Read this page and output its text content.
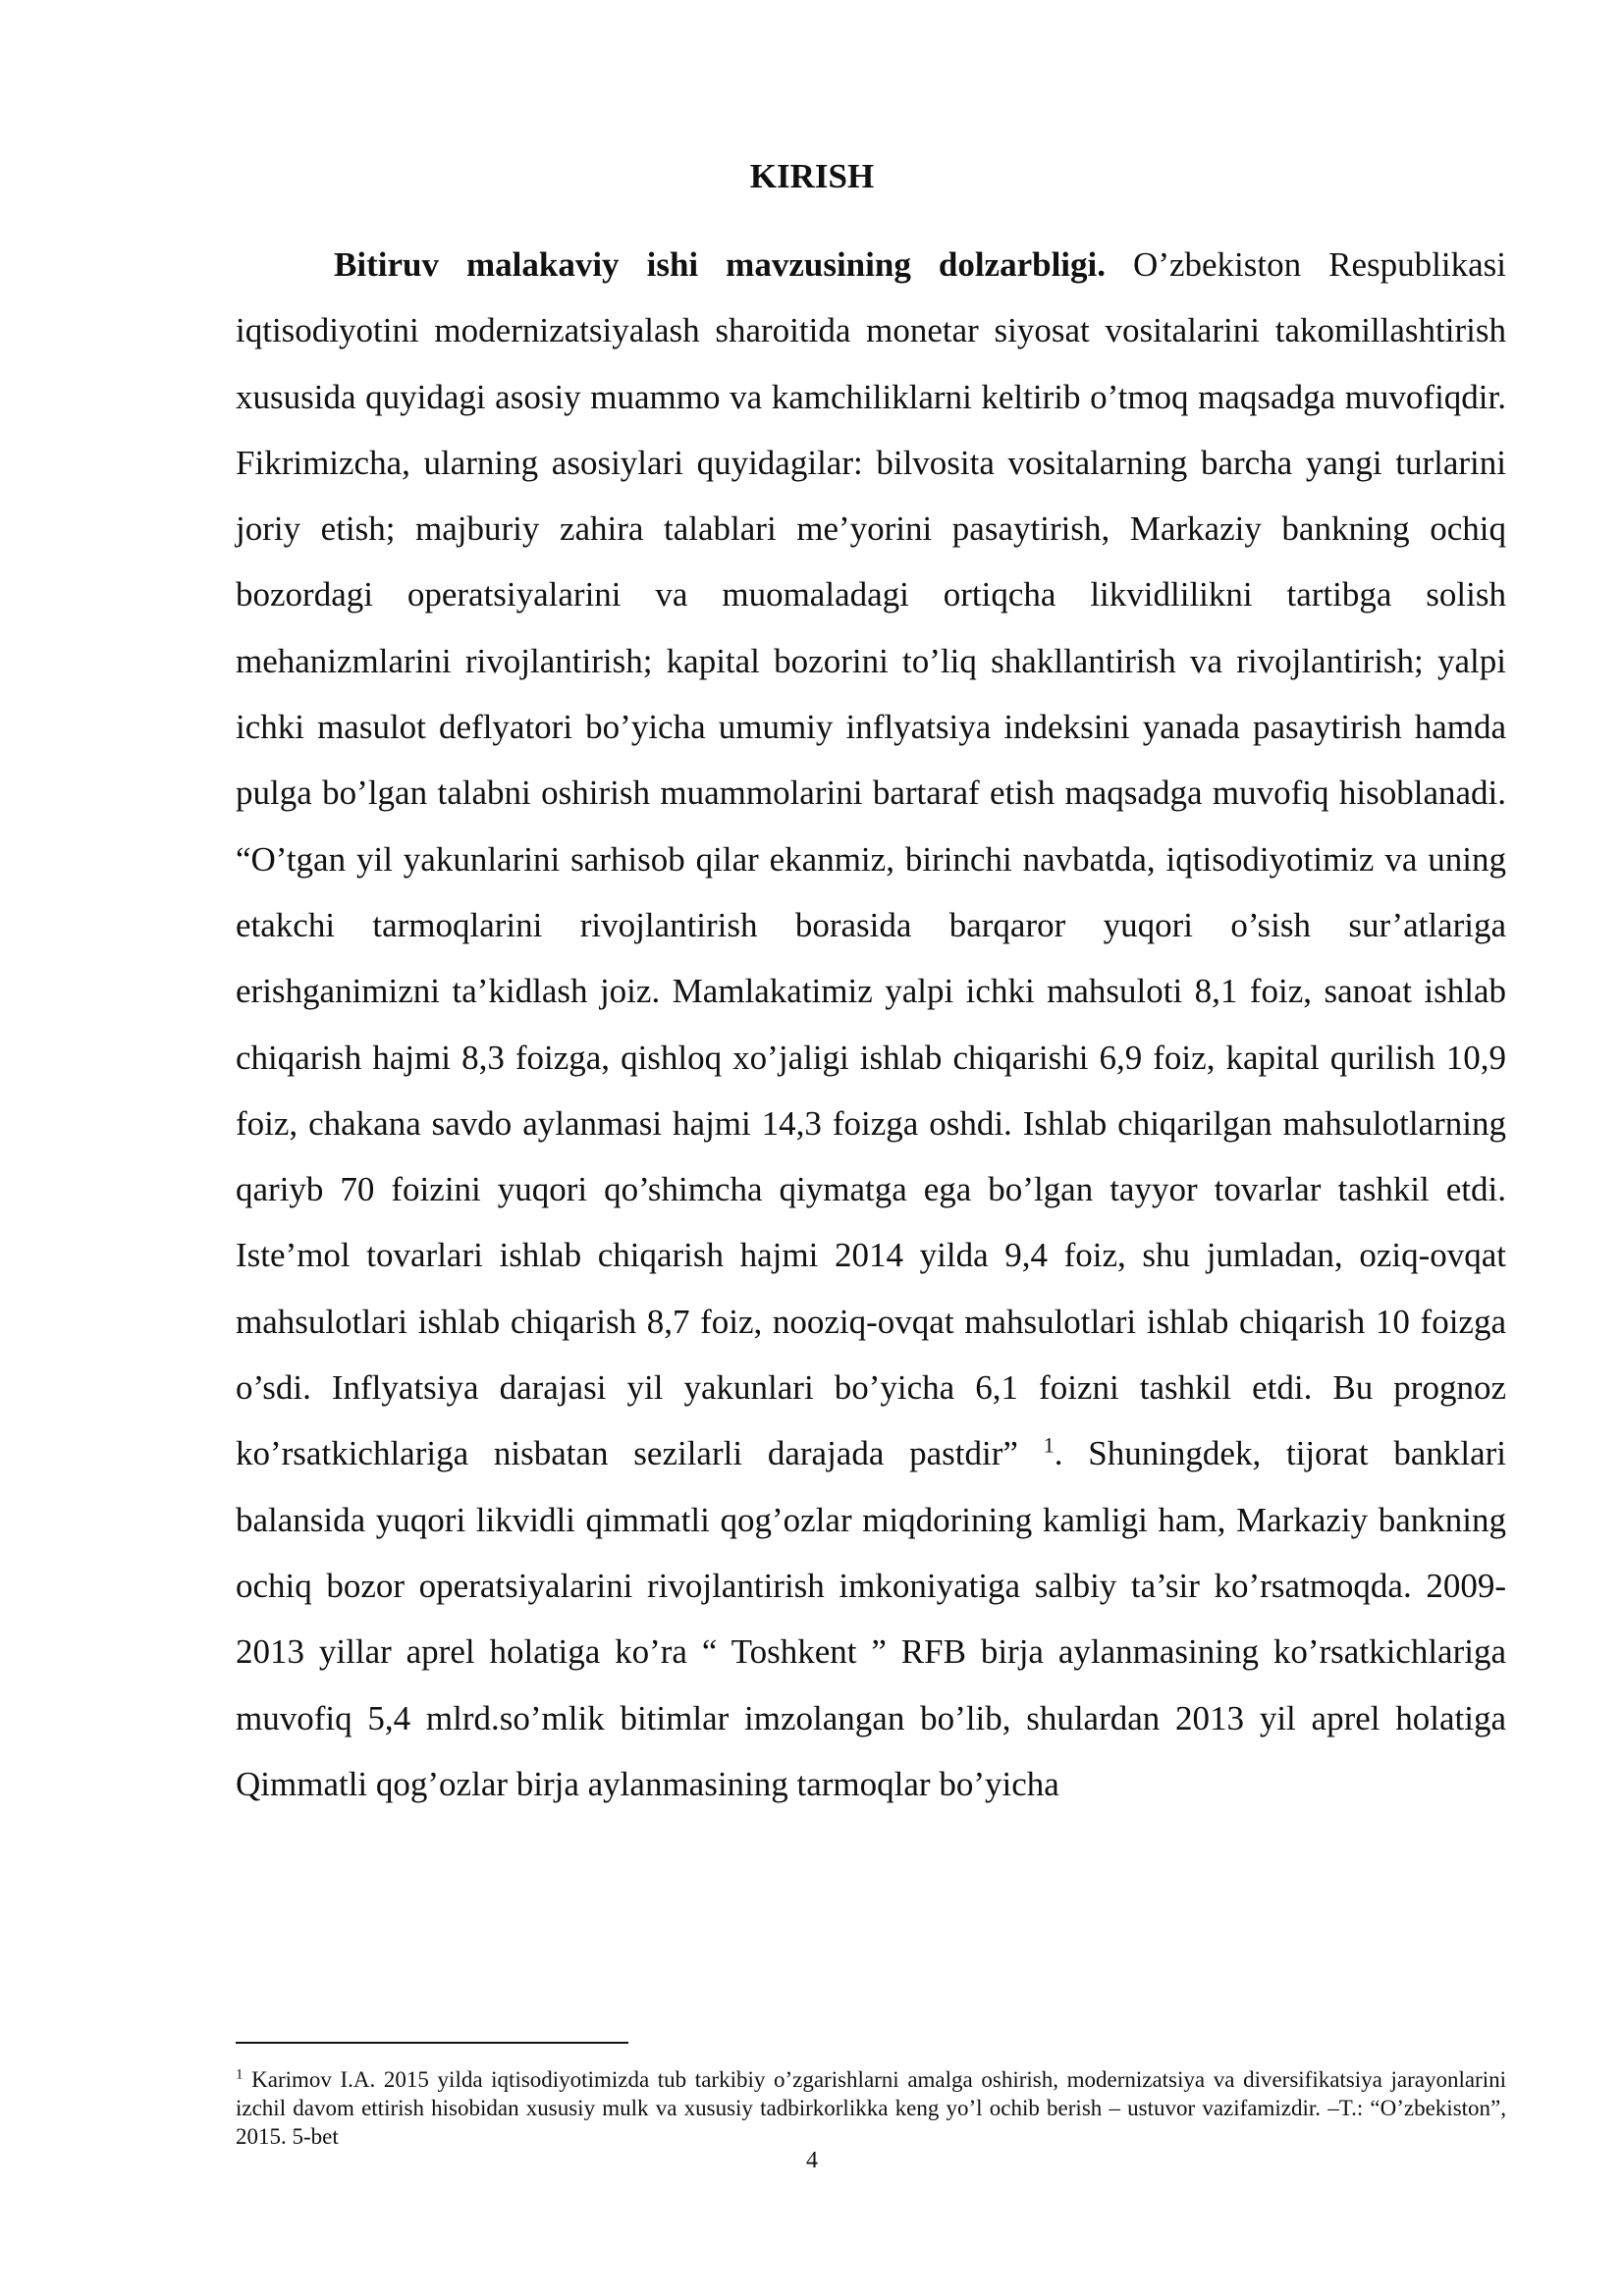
KIRISH

Bitiruv malakaviy ishi mavzusining dolzarbligi. O’zbekiston Respublikasi iqtisodiyotini modernizatsiyalash sharoitida monetar siyosat vositalarini takomillashtirish xususida quyidagi asosiy muammo va kamchiliklarni keltirib o’tmoq maqsadga muvofiqdir. Fikrimizcha, ularning asosiylari quyidagilar: bilvosita vositalarning barcha yangi turlarini joriy etish; majburiy zahira talablari me’yorini pasaytirish, Markaziy bankning ochiq bozordagi operatsiyalarini va muomaladagi ortiqcha likvidlilikni tartibga solish mehanizmlarini rivojlantirish; kapital bozorini to’liq shakllantirish va rivojlantirish; yalpi ichki masulot deflyatori bo’yicha umumiy inflyatsiya indeksini yanada pasaytirish hamda pulga bo’lgan talabni oshirish muammolarini bartaraf etish maqsadga muvofiq hisoblanadi. “O’tgan yil yakunlarini sarhisob qilar ekanmiz, birinchi navbatda, iqtisodiyotimiz va uning etakchi tarmoqlarini rivojlantirish borasida barqaror yuqori o’sish sur’atlariga erishganimizni ta’kidlash joiz. Mamlakatimiz yalpi ichki mahsuloti 8,1 foiz, sanoat ishlab chiqarish hajmi 8,3 foizga, qishloq xo’jaligi ishlab chiqarishi 6,9 foiz, kapital qurilish 10,9 foiz, chakana savdo aylanmasi hajmi 14,3 foizga oshdi. Ishlab chiqarilgan mahsulotlarning qariyb 70 foizini yuqori qo’shimcha qiymatga ega bo’lgan tayyor tovarlar tashkil etdi. Iste’mol tovarlari ishlab chiqarish hajmi 2014 yilda 9,4 foiz, shu jumladan, oziq-ovqat mahsulotlari ishlab chiqarish 8,7 foiz, nooziq-ovqat mahsulotlari ishlab chiqarish 10 foizga o’sdi. Inflyatsiya darajasi yil yakunlari bo’yicha 6,1 foizni tashkil etdi. Bu prognoz ko’rsatkichlariga nisbatan sezilarli darajada pastdir” $^1$. Shuningdek, tijorat banklari balansida yuqori likvidli qimmatli qog’ozlar miqdorining kamligi ham, Markaziy bankning ochiq bozor operatsiyalarini rivojlantirish imkoniyatiga salbiy ta’sir ko’rsatmoqda. 2009-2013 yillar aprel holatiga ko’ra “ Toshkent ” RFB birja aylanmasining ko’rsatkichlariga muvofiq 5,4 mlrd.so’mlik bitimlar imzolangan bo’lib, shulardan 2013 yil aprel holatiga Qimmatli qog’ozlar birja aylanmasining tarmoqlar bo’yicha

$^1$ Karimov I.A. 2015 yilda iqtisodiyotimizda tub tarkibiy o’zgarishlarni amalga oshirish, modernizatsiya va diversifikatsiya jarayonlarini izchil davom ettirish hisobidan xususiy mulk va xususiy tadbirkorlikka keng yo’l ochib berish – ustuvor vazifamizdir. –T.: “O’zbekiston”, 2015. 5-bet

4
